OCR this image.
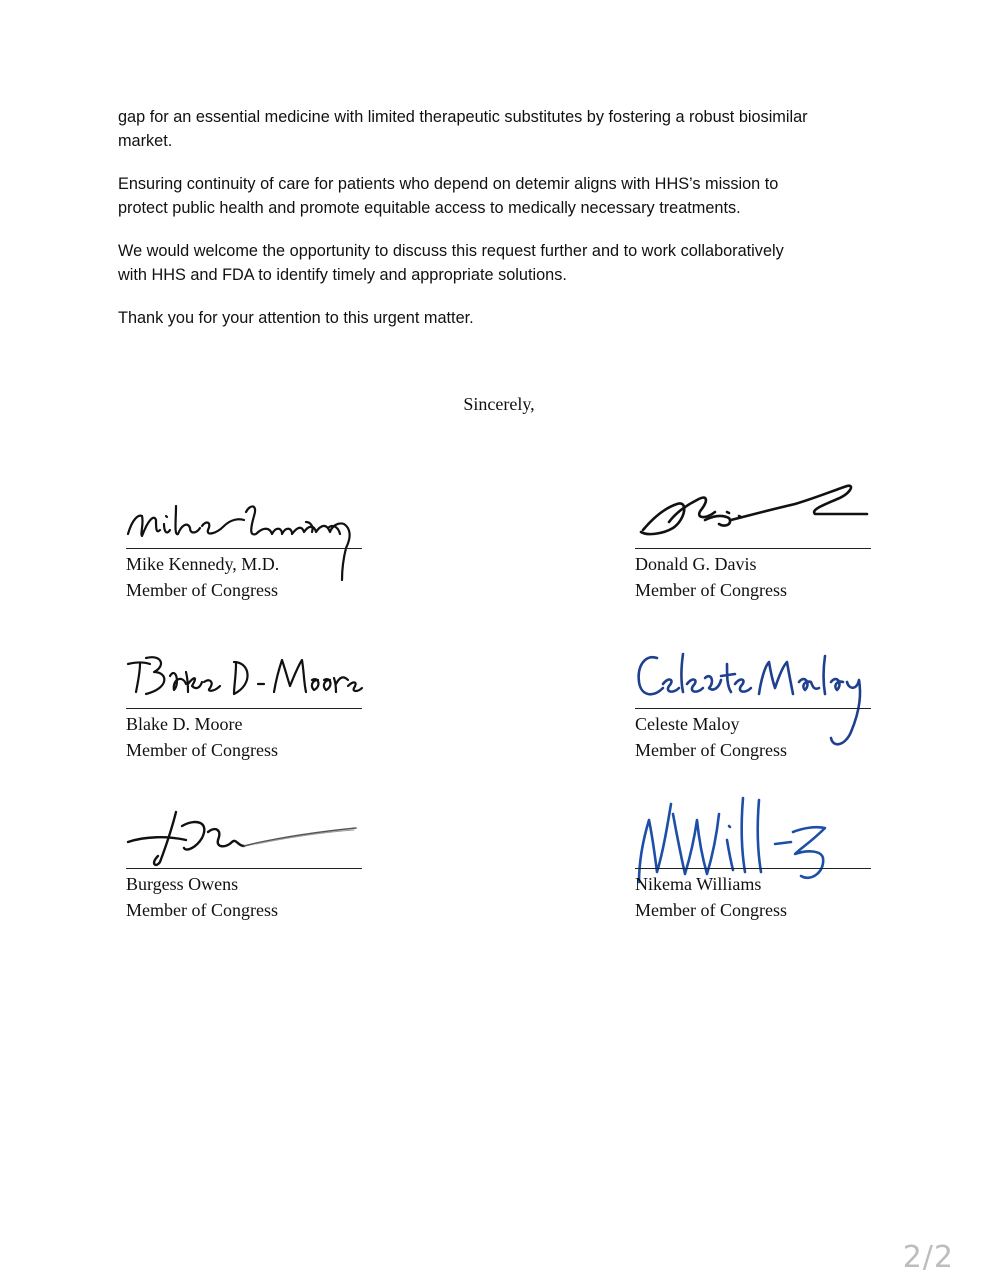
gap for an essential medicine with limited therapeutic substitutes by fostering a robust biosimilar
market.
Ensuring continuity of care for patients who depend on detemir aligns with HHS’s mission to
protect public health and promote equitable access to medically necessary treatments.
We would welcome the opportunity to discuss this request further and to work collaboratively
with HHS and FDA to identify timely and appropriate solutions.
Thank you for your attention to this urgent matter.
Sincerely,
Mike Kennedy, M.D.
Member of Congress
Donald G. Davis
Member of Congress
Blake D. Moore
Member of Congress
Celeste Maloy
Member of Congress
Burgess Owens
Member of Congress
Nikema Williams
Member of Congress
2/2
